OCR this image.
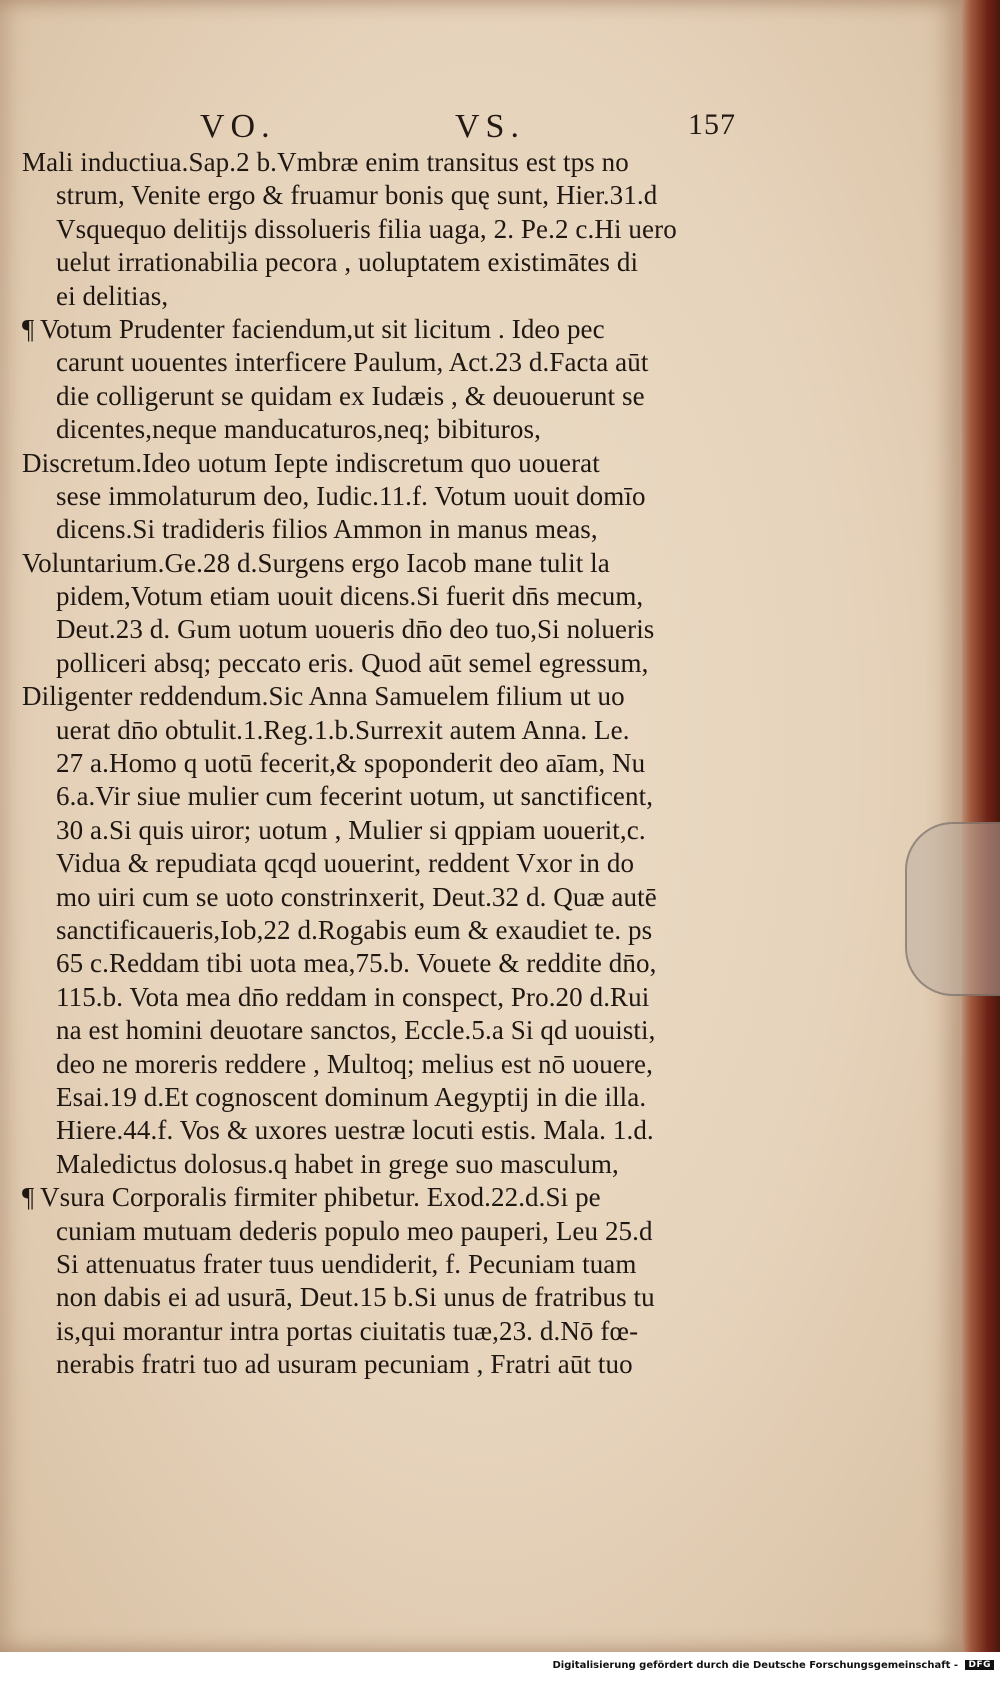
VO.	VS.	157
Mali inductiua.Sap.2 b.Vmbræ enim transitus est tps no
strum, Venite ergo & fruamur bonis quę sunt, Hier.31.d
Vsquequo delitijs dissolueris filia uaga, 2. Pe.2 c.Hi uero
uelut irrationabilia pecora , uoluptatem existimātes di
ei delitias,
¶ Votum Prudenter faciendum,ut sit licitum . Ideo pec
carunt uouentes interficere Paulum, Act.23 d.Facta aūt
die colligerunt se quidam ex Iudæis , & deuouerunt se
dicentes,neque manducaturos,neq; bibituros,
Discretum.Ideo uotum Iepte indiscretum quo uouerat
sese immolaturum deo, Iudic.11.f. Votum uouit domīo
dicens.Si tradideris filios Ammon in manus meas,
Voluntarium.Ge.28 d.Surgens ergo Iacob mane tulit la
pidem,Votum etiam uouit dicens.Si fuerit dn̄s mecum,
Deut.23 d. Gum uotum uoueris dn̄o deo tuo,Si nolueris
polliceri absq; peccato eris. Quod aūt semel egressum,
Diligenter reddendum.Sic Anna Samuelem filium ut uo
uerat dn̄o obtulit.1.Reg.1.b.Surrexit autem Anna. Le.
27 a.Homo q uotū fecerit,& spoponderit deo aīam, Nu
6.a.Vir siue mulier cum fecerint uotum, ut sanctificent,
30 a.Si quis uiror; uotum , Mulier si qppiam uouerit,c.
Vidua & repudiata qcqd uouerint, reddent Vxor in do
mo uiri cum se uoto constrinxerit, Deut.32 d. Quæ autē
sanctificaueris,Iob,22 d.Rogabis eum & exaudiet te. ps
65 c.Reddam tibi uota mea,75.b. Vouete & reddite dn̄o,
115.b. Vota mea dn̄o reddam in conspect, Pro.20 d.Rui
na est homini deuotare sanctos, Eccle.5.a Si qd uouisti,
deo ne moreris reddere , Multoq; melius est nō uouere,
Esai.19 d.Et cognoscent dominum Aegyptij in die illa.
Hiere.44.f. Vos & uxores uestræ locuti estis. Mala. 1.d.
Maledictus dolosus.q habet in grege suo masculum,
¶ Vsura Corporalis firmiter phibetur. Exod.22.d.Si pe
cuniam mutuam dederis populo meo pauperi, Leu 25.d
Si attenuatus frater tuus uendiderit, f. Pecuniam tuam
non dabis ei ad usurā, Deut.15 b.Si unus de fratribus tu
is,qui morantur intra portas ciuitatis tuæ,23. d.Nō fœ-
nerabis fratri tuo ad usuram pecuniam , Fratri aūt tuo
Digitalisierung gefördert durch die Deutsche Forschungsgemeinschaft - DFG
